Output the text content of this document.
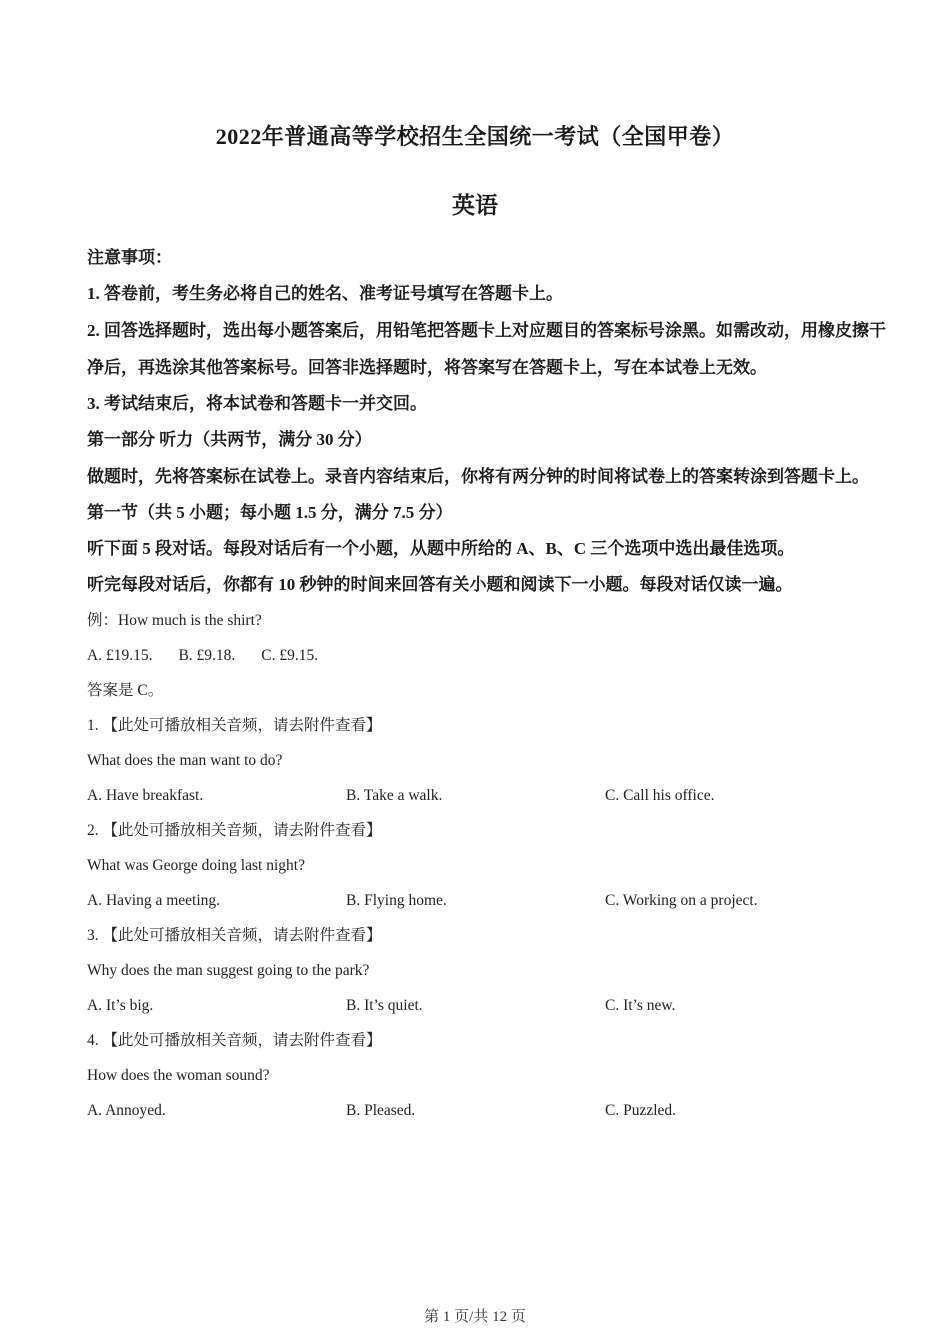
2022年普通高等学校招生全国统一考试（全国甲卷）
英语
注意事项：
1. 答卷前，考生务必将自己的姓名、准考证号填写在答题卡上。
2. 回答选择题时，选出每小题答案后，用铅笔把答题卡上对应题目的答案标号涂黑。如需改动，用橡皮擦干净后，再选涂其他答案标号。回答非选择题时，将答案写在答题卡上，写在本试卷上无效。
3. 考试结束后，将本试卷和答题卡一并交回。
第一部分 听力（共两节，满分 30 分）
做题时，先将答案标在试卷上。录音内容结束后，你将有两分钟的时间将试卷上的答案转涂到答题卡上。
第一节（共 5 小题；每小题 1.5 分，满分 7.5 分）
听下面 5 段对话。每段对话后有一个小题，从题中所给的 A、B、C 三个选项中选出最佳选项。
听完每段对话后，你都有 10 秒钟的时间来回答有关小题和阅读下一小题。每段对话仅读一遍。
例：How much is the shirt?
A. £19.15. B. £9.18. C. £9.15.
答案是 C。
1. 【此处可播放相关音频，请去附件查看】
What does the man want to do?
A. Have breakfast.	B. Take a walk.	C. Call his office.
2. 【此处可播放相关音频，请去附件查看】
What was George doing last night?
A. Having a meeting.	B. Flying home.	C. Working on a project.
3. 【此处可播放相关音频，请去附件查看】
Why does the man suggest going to the park?
A. It’s big.	B. It’s quiet.	C. It’s new.
4. 【此处可播放相关音频，请去附件查看】
How does the woman sound?
A. Annoyed.	B. Pleased.	C. Puzzled.
第 1 页/共 12 页
